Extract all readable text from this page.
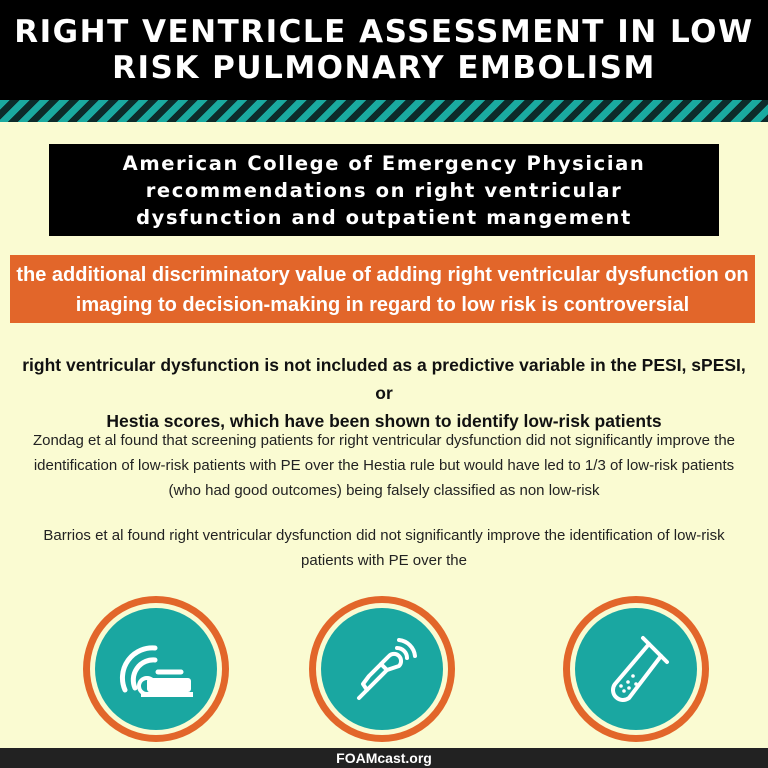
RIGHT VENTRICLE ASSESSMENT IN LOW
RISK PULMONARY EMBOLISM
American College of Emergency Physician
recommendations on right ventricular
dysfunction and outpatient mangement
the additional discriminatory value of adding right ventricular dysfunction on
imaging to decision-making in regard to low risk is controversial
right ventricular dysfunction is not included as a predictive variable in the PESI, sPESI, or
Hestia scores, which have been shown to identify low-risk patients
Zondag et al found that screening patients for right ventricular dysfunction did not significantly improve the
identification of low-risk patients with PE over the Hestia rule but would have led to 1/3 of low-risk patients
(who had good outcomes) being falsely classified as non low-risk
Barrios et al found right ventricular dysfunction did not significantly improve the identification of low-risk
patients with PE over the
FOAMcast.org
